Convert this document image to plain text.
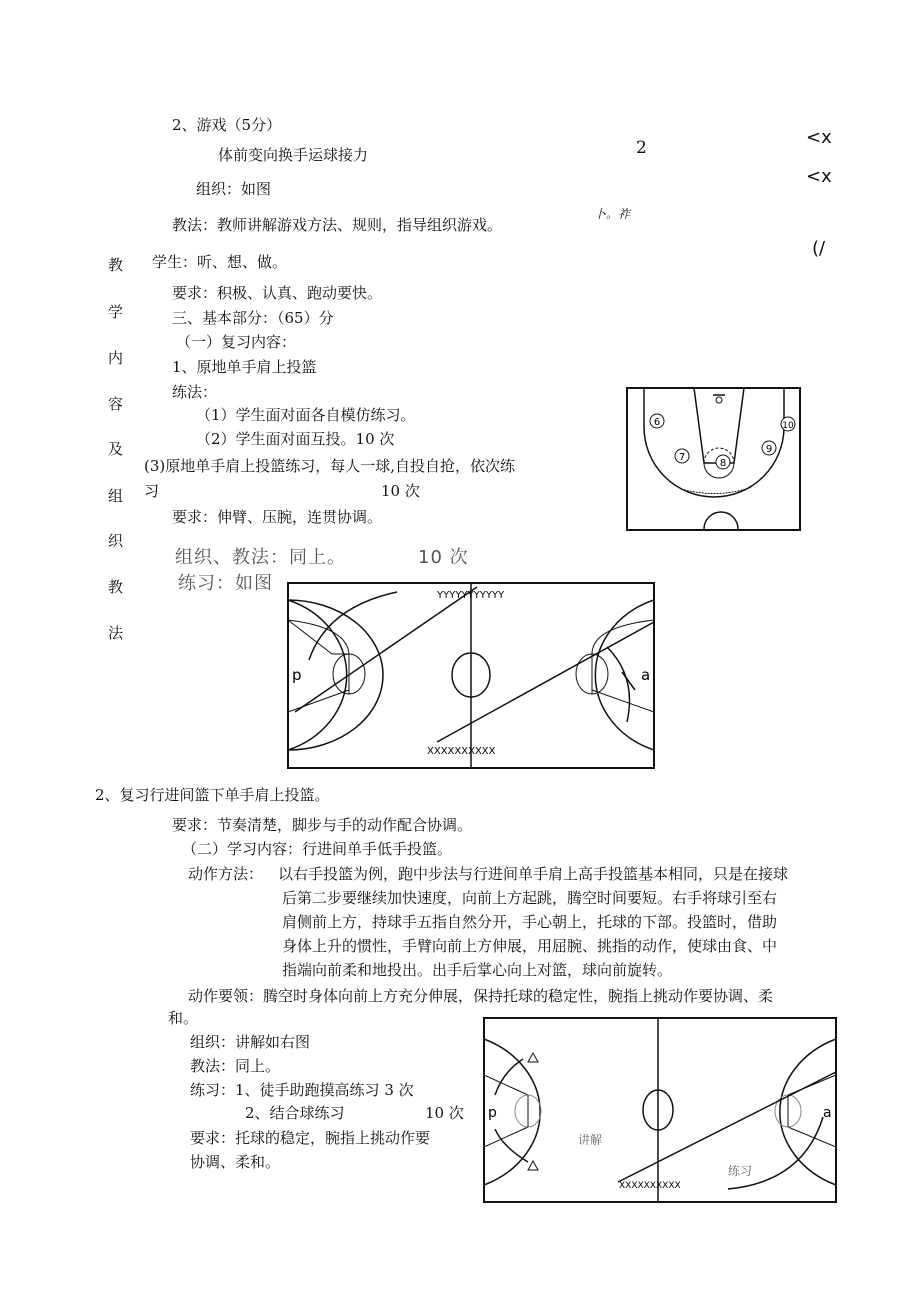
2、游戏（5分）
体前变向换手运球接力
组织：如图
教法：教师讲解游戏方法、规则，指导组织游戏。
学生：听、想、做。
要求：积极、认真、跑动要快。
2	<x
<x
卜。祚
(/
教
学
内
容
及
组
织
教
法
三、基本部分：（65）分
（一）复习内容：
1、原地单手肩上投篮
练法：
（1）学生面对面各自模仿练习。
（2）学生面对面互投。10 次
(3)原地单手肩上投篮练习，每人一球,自投自抢，依次练
习	10 次
要求：伸臂、压腕，连贯协调。
组织、教法：同上。	10 次
练习：如图
6
7
8
9
10
YYYYYYYYYYY
XXXXXXXXXX
p	a
2、复习行进间篮下单手肩上投篮。
要求：节奏清楚，脚步与手的动作配合协调。
（二）学习内容：行进间单手低手投篮。
动作方法： 以右手投篮为例，跑中步法与行进间单手肩上高手投篮基本相同，只是在接球
后第二步要继续加快速度，向前上方起跳，腾空时间要短。右手将球引至右
肩侧前上方，持球手五指自然分开，手心朝上，托球的下部。投篮时，借助
身体上升的惯性，手臂向前上方伸展，用屈腕、挑指的动作，使球由食、中
指端向前柔和地投出。出手后掌心向上对篮，球向前旋转。
动作要领：腾空时身体向前上方充分伸展，保持托球的稳定性，腕指上挑动作要协调、柔
和。
组织：讲解如右图
教法：同上。
练习：1、徒手助跑摸高练习 3 次
2、结合球练习	10 次
要求：托球的稳定，腕指上挑动作要
协调、柔和。
p	a
讲解
练习
XXXXXXXXXX
